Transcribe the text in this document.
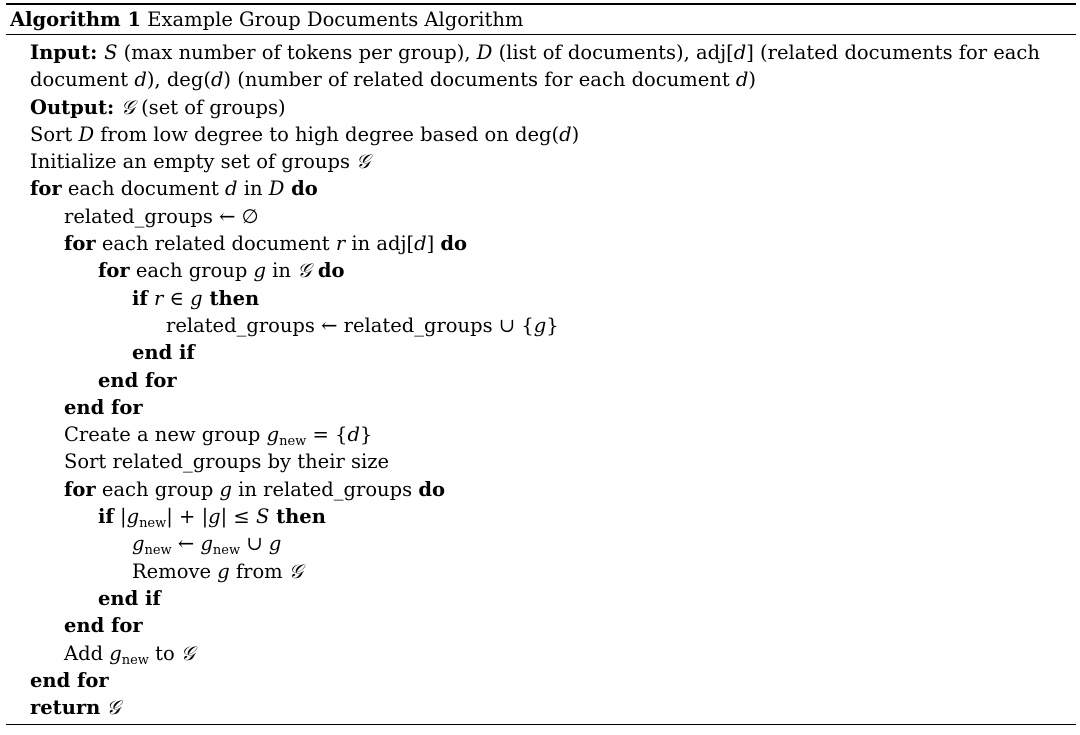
Algorithm 1 Example Group Documents Algorithm
Input: S (max number of tokens per group), D (list of documents), adj[d] (related documents for each
document d), deg(d) (number of related documents for each document d)
Output: 𝒢 (set of groups)
Sort D from low degree to high degree based on deg(d)
Initialize an empty set of groups 𝒢
for each document d in D do
related_groups ← ∅
for each related document r in adj[d] do
for each group g in 𝒢 do
if r ∈ g then
related_groups ← related_groups ∪ {g}
end if
end for
end for
Create a new group $g_{new} = \{d\}$
Sort related_groups by their size
for each group g in related_groups do
if $|g_{new}| + |g| \le S$ then
$g_{new}$ ← $g_{new}$ ∪ g
Remove g from 𝒢
end if
end for
Add $g_{new}$ to 𝒢
end for
return 𝒢
